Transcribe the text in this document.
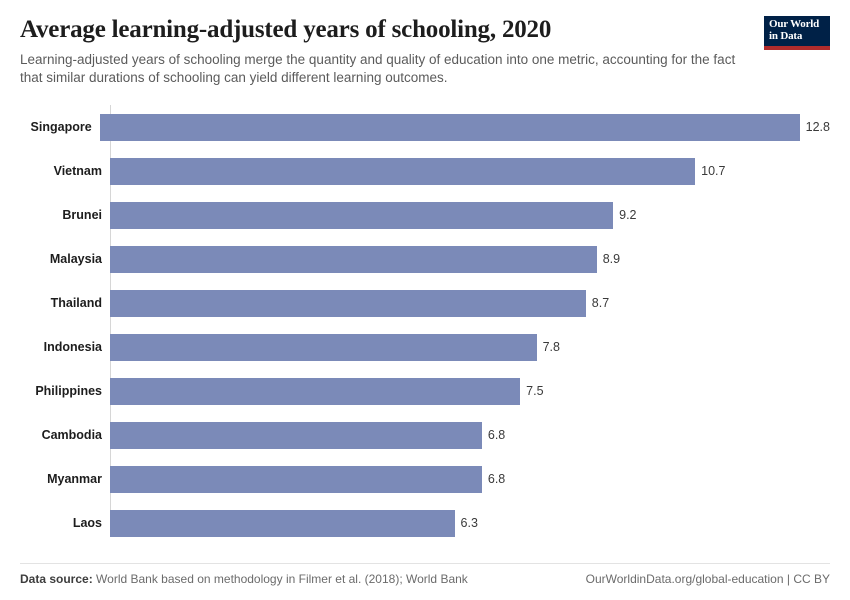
Average learning-adjusted years of schooling, 2020

Learning-adjusted years of schooling merge the quantity and quality of education into one metric, accounting for the fact that similar durations of schooling can yield different learning outcomes.

Our World
in Data
Singapore	12.8
Vietnam	10.7
Brunei	9.2
Malaysia	8.9
Thailand	8.7
Indonesia	7.8
Philippines	7.5
Cambodia	6.8
Myanmar	6.8
Laos	6.3
Data source: World Bank based on methodology in Filmer et al. (2018); World Bank	OurWorldinData.org/global-education | CC BY
